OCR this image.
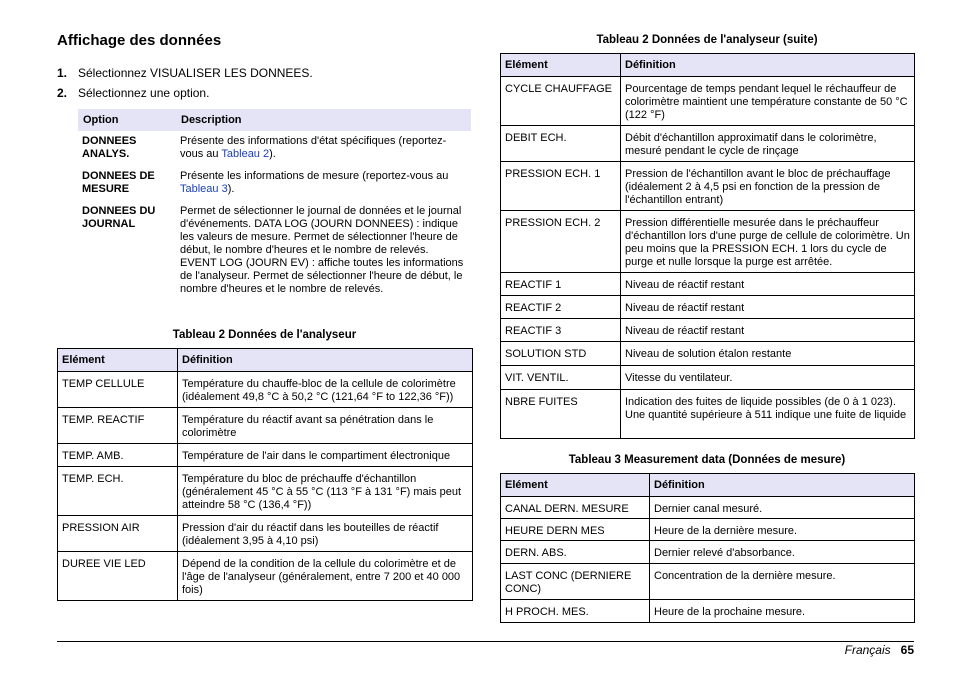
Affichage des données
1. Sélectionnez VISUALISER LES DONNEES.
2. Sélectionnez une option.
Option	Description
DONNEES ANALYS.	Présente des informations d'état spécifiques (reportez-vous au Tableau 2).
DONNEES DE MESURE	Présente les informations de mesure (reportez-vous au Tableau 3).
DONNEES DU JOURNAL	Permet de sélectionner le journal de données et le journal d'événements. DATA LOG (JOURN DONNEES) : indique les valeurs de mesure. Permet de sélectionner l'heure de début, le nombre d'heures et le nombre de relevés. EVENT LOG (JOURN EV) : affiche toutes les informations de l'analyseur. Permet de sélectionner l'heure de début, le nombre d'heures et le nombre de relevés.
Tableau 2 Données de l'analyseur
Elément	Définition
TEMP CELLULE	Température du chauffe-bloc de la cellule de colorimètre (idéalement 49,8 °C à 50,2 °C (121,64 °F to 122,36 °F))
TEMP. REACTIF	Température du réactif avant sa pénétration dans le colorimètre
TEMP. AMB.	Température de l'air dans le compartiment électronique
TEMP. ECH.	Température du bloc de préchauffe d'échantillon (généralement 45 °C à 55 °C (113 °F à 131 °F) mais peut atteindre 58 °C (136,4 °F))
PRESSION AIR	Pression d'air du réactif dans les bouteilles de réactif (idéalement 3,95 à 4,10 psi)
DUREE VIE LED	Dépend de la condition de la cellule du colorimètre et de l'âge de l'analyseur (généralement, entre 7 200 et 40 000 fois)
Tableau 2 Données de l'analyseur (suite)
Elément	Définition
CYCLE CHAUFFAGE	Pourcentage de temps pendant lequel le réchauffeur de colorimètre maintient une température constante de 50 °C (122 °F)
DEBIT ECH.	Débit d'échantillon approximatif dans le colorimètre, mesuré pendant le cycle de rinçage
PRESSION ECH. 1	Pression de l'échantillon avant le bloc de préchauffage (idéalement 2 à 4,5 psi en fonction de la pression de l'échantillon entrant)
PRESSION ECH. 2	Pression différentielle mesurée dans le préchauffeur d'échantillon lors d'une purge de cellule de colorimètre. Un peu moins que la PRESSION ECH. 1 lors du cycle de purge et nulle lorsque la purge est arrêtée.
REACTIF 1	Niveau de réactif restant
REACTIF 2	Niveau de réactif restant
REACTIF 3	Niveau de réactif restant
SOLUTION STD	Niveau de solution étalon restante
VIT. VENTIL.	Vitesse du ventilateur.
NBRE FUITES	Indication des fuites de liquide possibles (de 0 à 1 023). Une quantité supérieure à 511 indique une fuite de liquide
Tableau 3 Measurement data (Données de mesure)
Elément	Définition
CANAL DERN. MESURE	Dernier canal mesuré.
HEURE DERN MES	Heure de la dernière mesure.
DERN. ABS.	Dernier relevé d'absorbance.
LAST CONC (DERNIERE CONC)	Concentration de la dernière mesure.
H PROCH. MES.	Heure de la prochaine mesure.
Français 65
